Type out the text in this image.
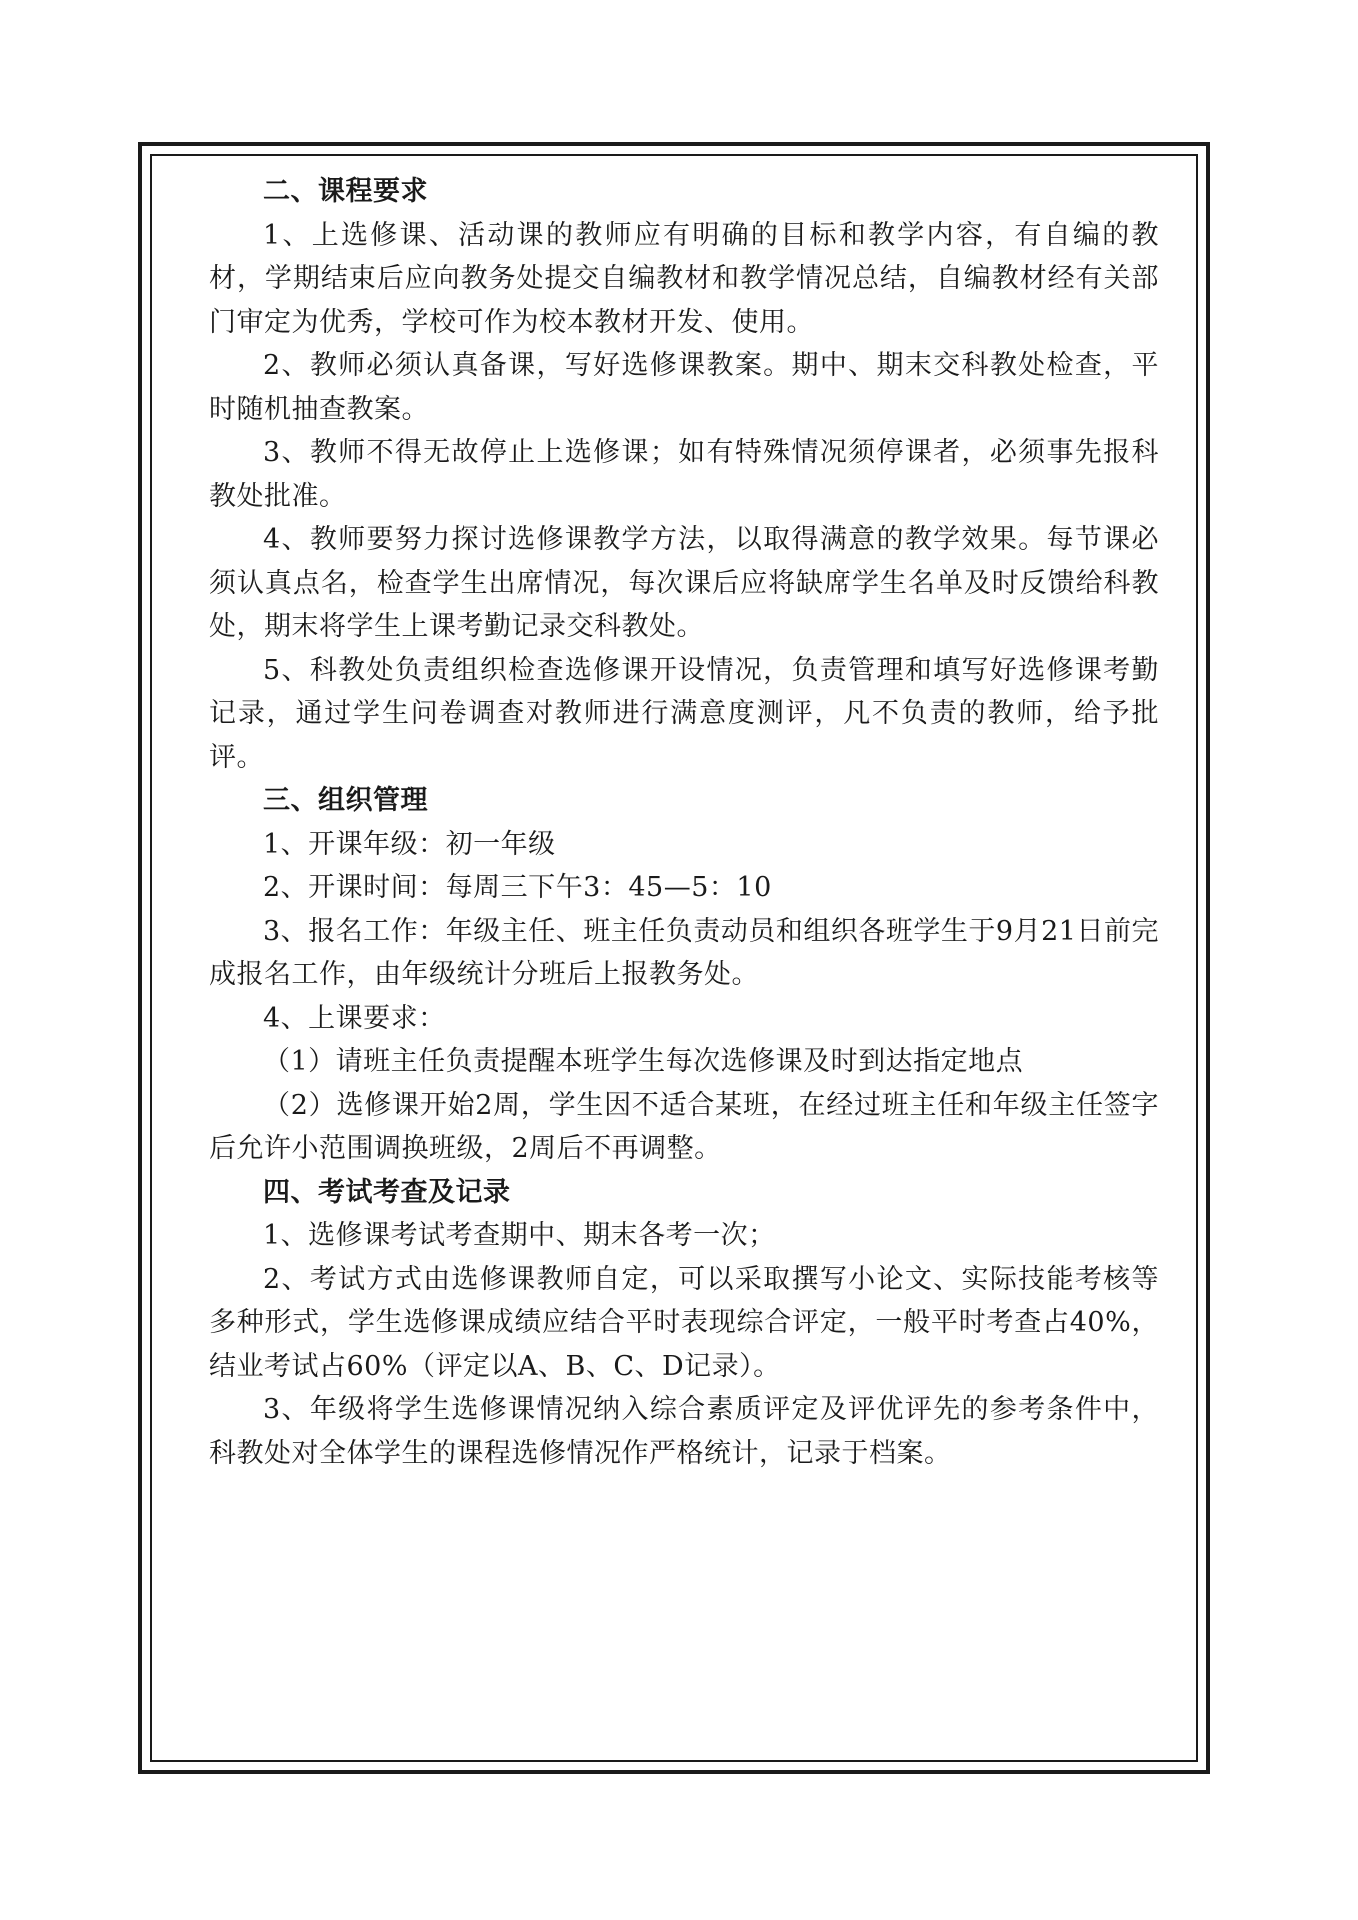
二、课程要求

1、上选修课、活动课的教师应有明确的目标和教学内容，有自编的教材，学期结束后应向教务处提交自编教材和教学情况总结，自编教材经有关部门审定为优秀，学校可作为校本教材开发、使用。

2、教师必须认真备课，写好选修课教案。期中、期末交科教处检查，平时随机抽查教案。

3、教师不得无故停止上选修课；如有特殊情况须停课者，必须事先报科教处批准。

4、教师要努力探讨选修课教学方法，以取得满意的教学效果。每节课必须认真点名，检查学生出席情况，每次课后应将缺席学生名单及时反馈给科教处，期末将学生上课考勤记录交科教处。

5、科教处负责组织检查选修课开设情况，负责管理和填写好选修课考勤记录，通过学生问卷调查对教师进行满意度测评，凡不负责的教师，给予批评。

三、组织管理

1、开课年级：初一年级

2、开课时间：每周三下午3：45—5：10

3、报名工作：年级主任、班主任负责动员和组织各班学生于9月21日前完成报名工作，由年级统计分班后上报教务处。

4、上课要求：

（1）请班主任负责提醒本班学生每次选修课及时到达指定地点

（2）选修课开始2周，学生因不适合某班，在经过班主任和年级主任签字后允许小范围调换班级，2周后不再调整。

四、考试考查及记录

1、选修课考试考查期中、期末各考一次；

2、考试方式由选修课教师自定，可以采取撰写小论文、实际技能考核等多种形式，学生选修课成绩应结合平时表现综合评定，一般平时考查占40%，结业考试占60%（评定以A、B、C、D记录）。

3、年级将学生选修课情况纳入综合素质评定及评优评先的参考条件中，科教处对全体学生的课程选修情况作严格统计，记录于档案。
